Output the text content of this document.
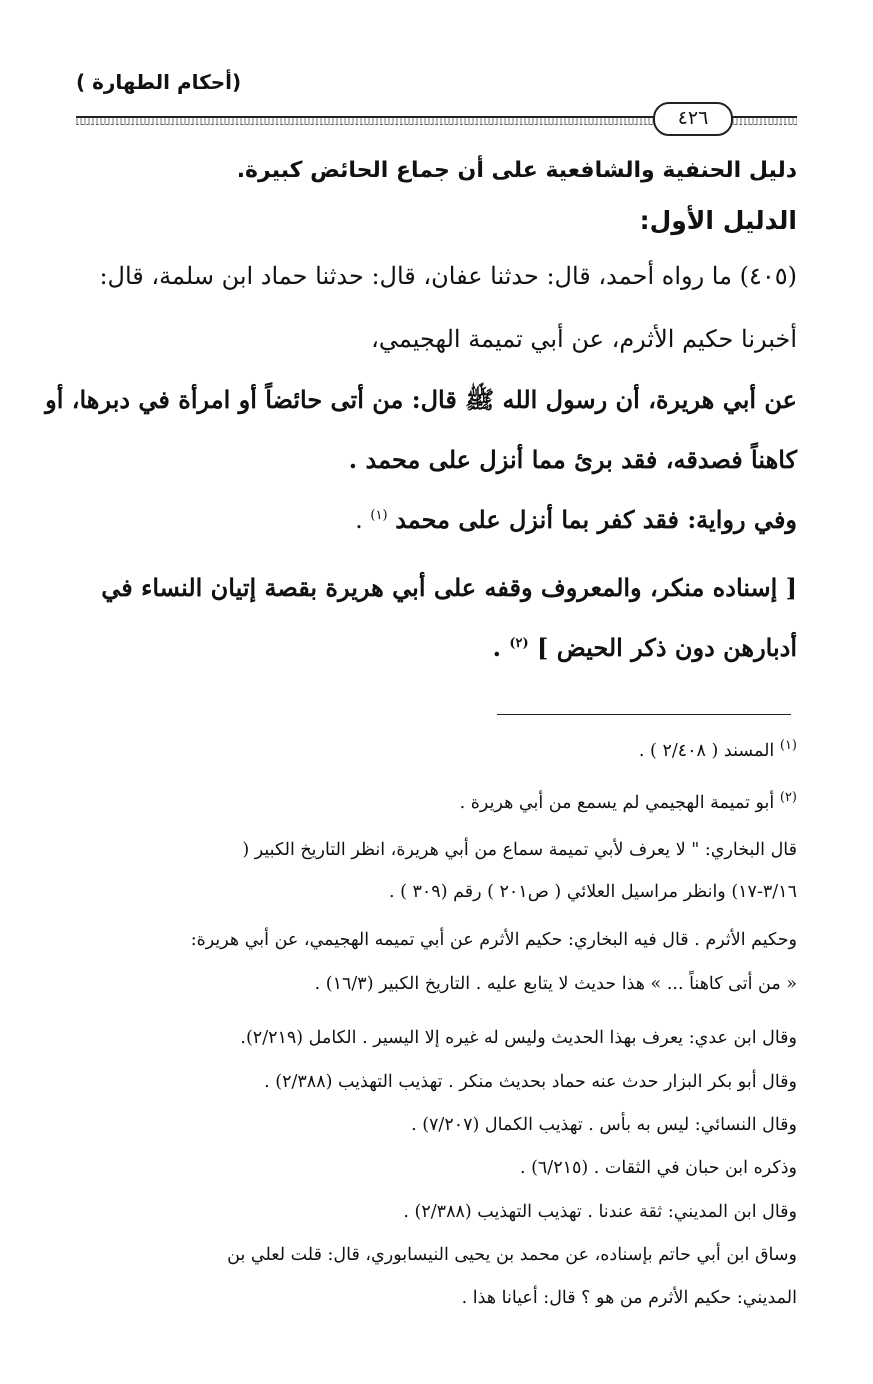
(أحكام الطهارة )
٤٢٦
دليل الحنفية والشافعية على أن جماع الحائض كبيرة.
الدليل الأول:
(٤٠٥) ما رواه أحمد، قال: حدثنا عفان، قال: حدثنا حماد ابن سلمة، قال:
أخبرنا حكيم الأثرم، عن أبي تميمة الهجيمي،
عن أبي هريرة، أن رسول الله ﷺ قال: من أتى حائضاً أو امرأة في دبرها، أو
كاهناً فصدقه، فقد برئ مما أنزل على محمد .
وفي رواية: فقد كفر بما أنزل على محمد $^{(١)}$ .
[ إسناده منكر، والمعروف وقفه على أبي هريرة بقصة إتيان النساء في
أدبارهن دون ذكر الحيض ] $^{(٢)}$ .
$^{(١)}$ المسند ( ٢/٤٠٨ ) .
$^{(٢)}$ أبو تميمة الهجيمي لم يسمع من أبي هريرة .
قال البخاري: " لا يعرف لأبي تميمة سماع من أبي هريرة، انظر التاريخ الكبير (
٣/١٦-١٧) وانظر مراسيل العلائي ( ص٢٠١ ) رقم (٣٠٩ ) .
وحكيم الأثرم . قال فيه البخاري: حكيم الأثرم عن أبي تميمه الهجيمي، عن أبي هريرة:
« من أتى كاهناً ... » هذا حديث لا يتابع عليه . التاريخ الكبير (١٦/٣) .
وقال ابن عدي: يعرف بهذا الحديث وليس له غيره إلا اليسير . الكامل (٢/٢١٩).
وقال أبو بكر البزار حدث عنه حماد بحديث منكر . تهذيب التهذيب (٢/٣٨٨) .
وقال النسائي: ليس به بأس . تهذيب الكمال (٧/٢٠٧) .
وذكره ابن حبان في الثقات . (٦/٢١٥) .
وقال ابن المديني: ثقة عندنا . تهذيب التهذيب (٢/٣٨٨) .
وساق ابن أبي حاتم بإسناده، عن محمد بن يحيى النيسابوري، قال: قلت لعلي بن
المديني: حكيم الأثرم من هو ؟ قال: أعيانا هذا .
